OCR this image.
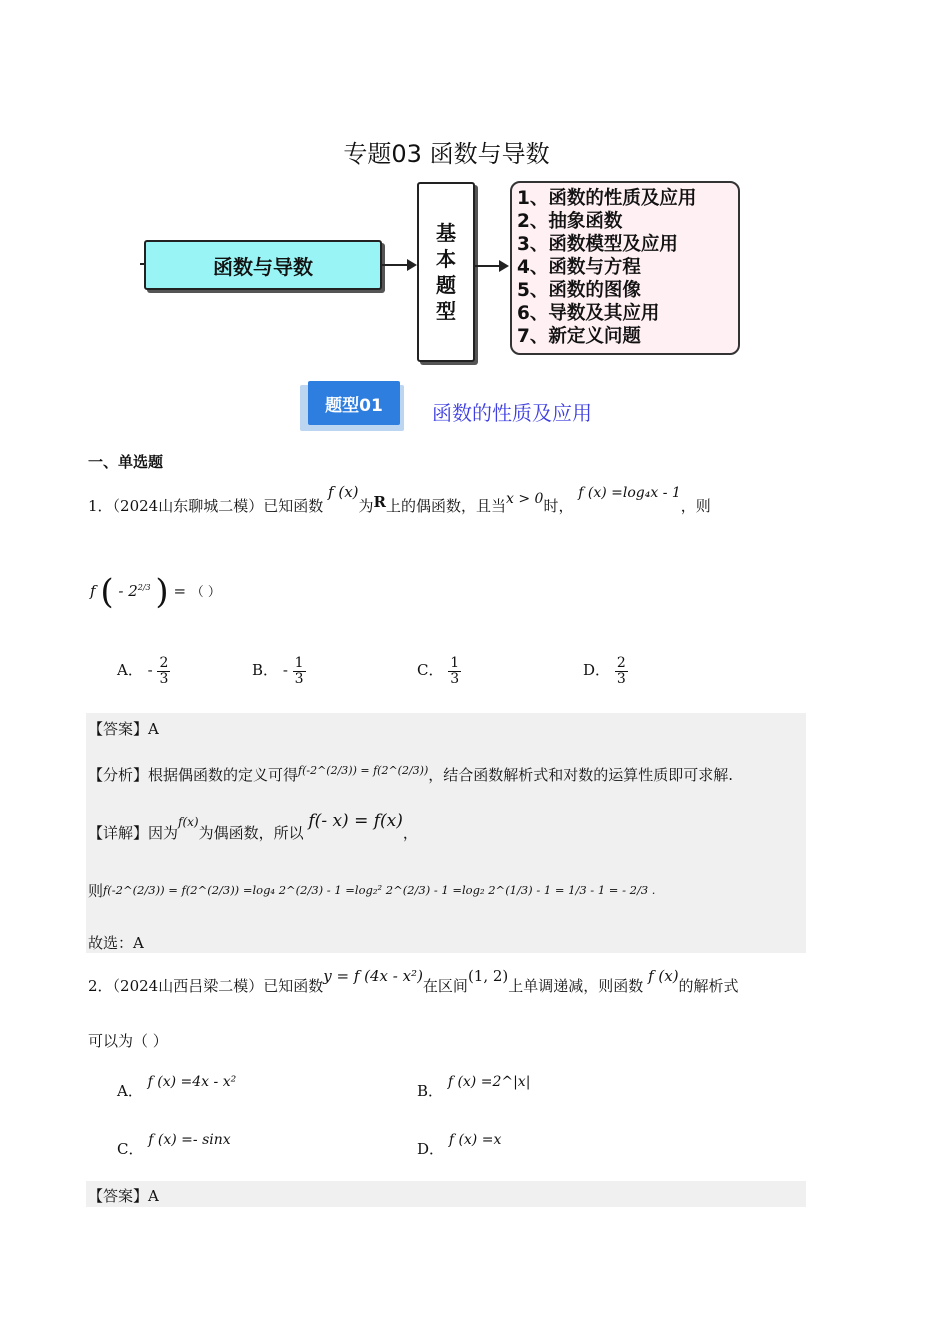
专题03 函数与导数
函数与导数
基
本
题
型
1、函数的性质及应用
2、抽象函数
3、函数模型及应用
4、函数与方程
5、函数的图像
6、导数及其应用
7、新定义问题
题型01	函数的性质及应用
一、单选题
1．（2024山东聊城二模）已知函数 f (x)为R上的偶函数，且当x > 0时， f (x) =log₄x - 1，则
f ( - $2^{2/3}$ ) = （ ）
A． - $\frac{2}{3}$	B． - $\frac{1}{3}$	C． $\frac{1}{3}$	D． $\frac{2}{3}$
【答案】A
【分析】根据偶函数的定义可得$^{f(-2\^{}(2/3)) = f(2\^{}(2/3))}$，结合函数解析式和对数的运算性质即可求解.
【详解】因为$^{f(x)}$为偶函数，所以 f(- x) = f(x)，
则f(-2^(2/3)) = f(2^(2/3)) =log₄ 2^(2/3) - 1 =log₂² 2^(2/3) - 1 =log₂ 2^(1/3) - 1 = 1/3 - 1 = - 2/3 .
故选：A
2．（2024山西吕梁二模）已知函数y = f (4x - x²)在区间(1, 2)上单调递减，则函数 f (x)的解析式
可以为（ ）
A． f (x) =4x - x²	B． f (x) =2^|x|
C． f (x) =- sinx	D． f (x) =x
【答案】A
